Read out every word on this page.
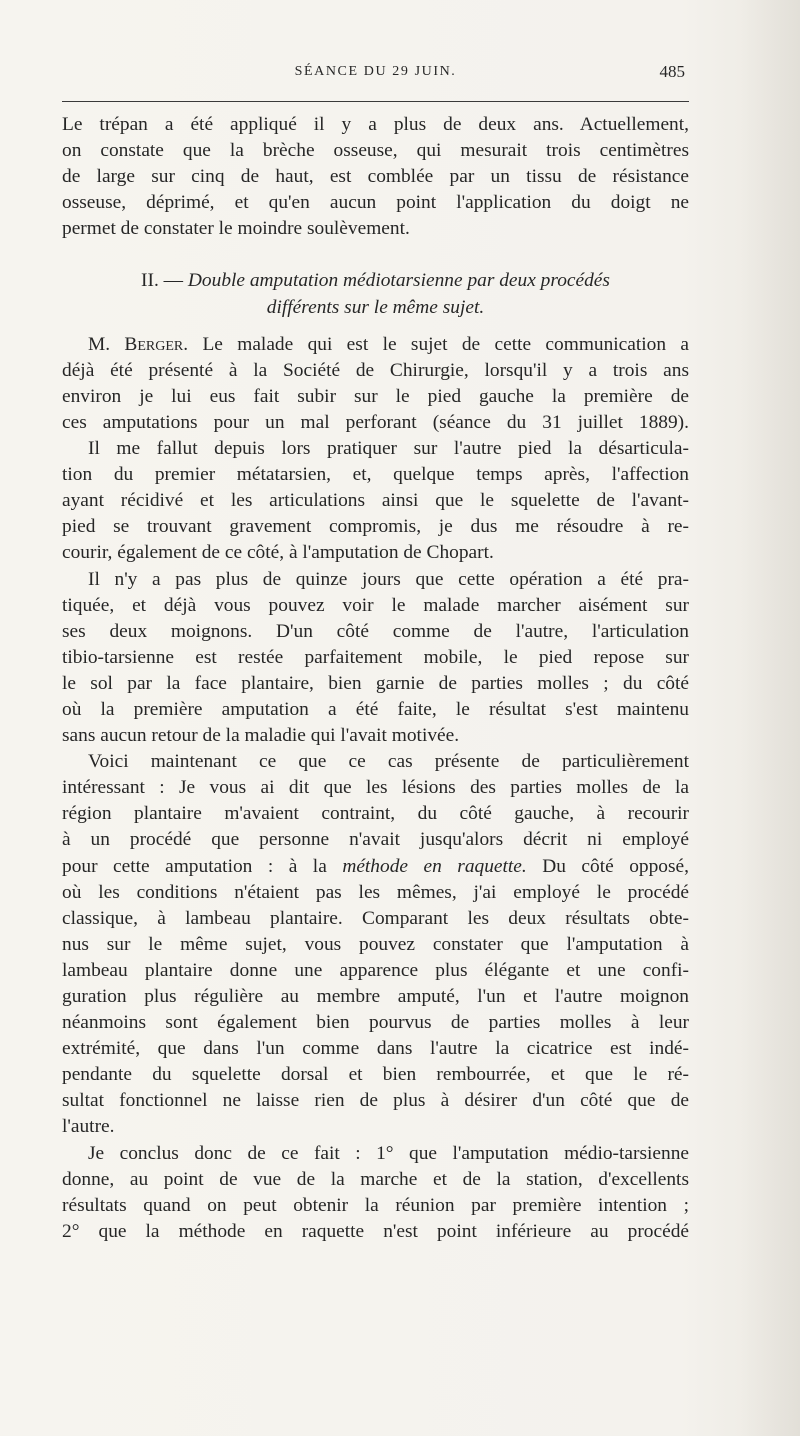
SÉANCE DU 29 JUIN.	485
Le trépan a été appliqué il y a plus de deux ans. Actuellement,
on constate que la brèche osseuse, qui mesurait trois centimètres
de large sur cinq de haut, est comblée par un tissu de résistance
osseuse, déprimé, et qu'en aucun point l'application du doigt ne
permet de constater le moindre soulèvement.
II. — Double amputation médiotarsienne par deux procédés
différents sur le même sujet.
M. Berger. Le malade qui est le sujet de cette communication a
déjà été présenté à la Société de Chirurgie, lorsqu'il y a trois ans
environ je lui eus fait subir sur le pied gauche la première de
ces amputations pour un mal perforant (séance du 31 juillet 1889).
Il me fallut depuis lors pratiquer sur l'autre pied la désarticula-
tion du premier métatarsien, et, quelque temps après, l'affection
ayant récidivé et les articulations ainsi que le squelette de l'avant-
pied se trouvant gravement compromis, je dus me résoudre à re-
courir, également de ce côté, à l'amputation de Chopart.
Il n'y a pas plus de quinze jours que cette opération a été pra-
tiquée, et déjà vous pouvez voir le malade marcher aisément sur
ses deux moignons. D'un côté comme de l'autre, l'articulation
tibio-tarsienne est restée parfaitement mobile, le pied repose sur
le sol par la face plantaire, bien garnie de parties molles ; du côté
où la première amputation a été faite, le résultat s'est maintenu
sans aucun retour de la maladie qui l'avait motivée.
Voici maintenant ce que ce cas présente de particulièrement
intéressant : Je vous ai dit que les lésions des parties molles de la
région plantaire m'avaient contraint, du côté gauche, à recourir
à un procédé que personne n'avait jusqu'alors décrit ni employé
pour cette amputation : à la méthode en raquette. Du côté opposé,
où les conditions n'étaient pas les mêmes, j'ai employé le procédé
classique, à lambeau plantaire. Comparant les deux résultats obte-
nus sur le même sujet, vous pouvez constater que l'amputation à
lambeau plantaire donne une apparence plus élégante et une confi-
guration plus régulière au membre amputé, l'un et l'autre moignon
néanmoins sont également bien pourvus de parties molles à leur
extrémité, que dans l'un comme dans l'autre la cicatrice est indé-
pendante du squelette dorsal et bien rembourrée, et que le ré-
sultat fonctionnel ne laisse rien de plus à désirer d'un côté que de
l'autre.
Je conclus donc de ce fait : 1° que l'amputation médio-tarsienne
donne, au point de vue de la marche et de la station, d'excellents
résultats quand on peut obtenir la réunion par première intention ;
2° que la méthode en raquette n'est point inférieure au procédé
